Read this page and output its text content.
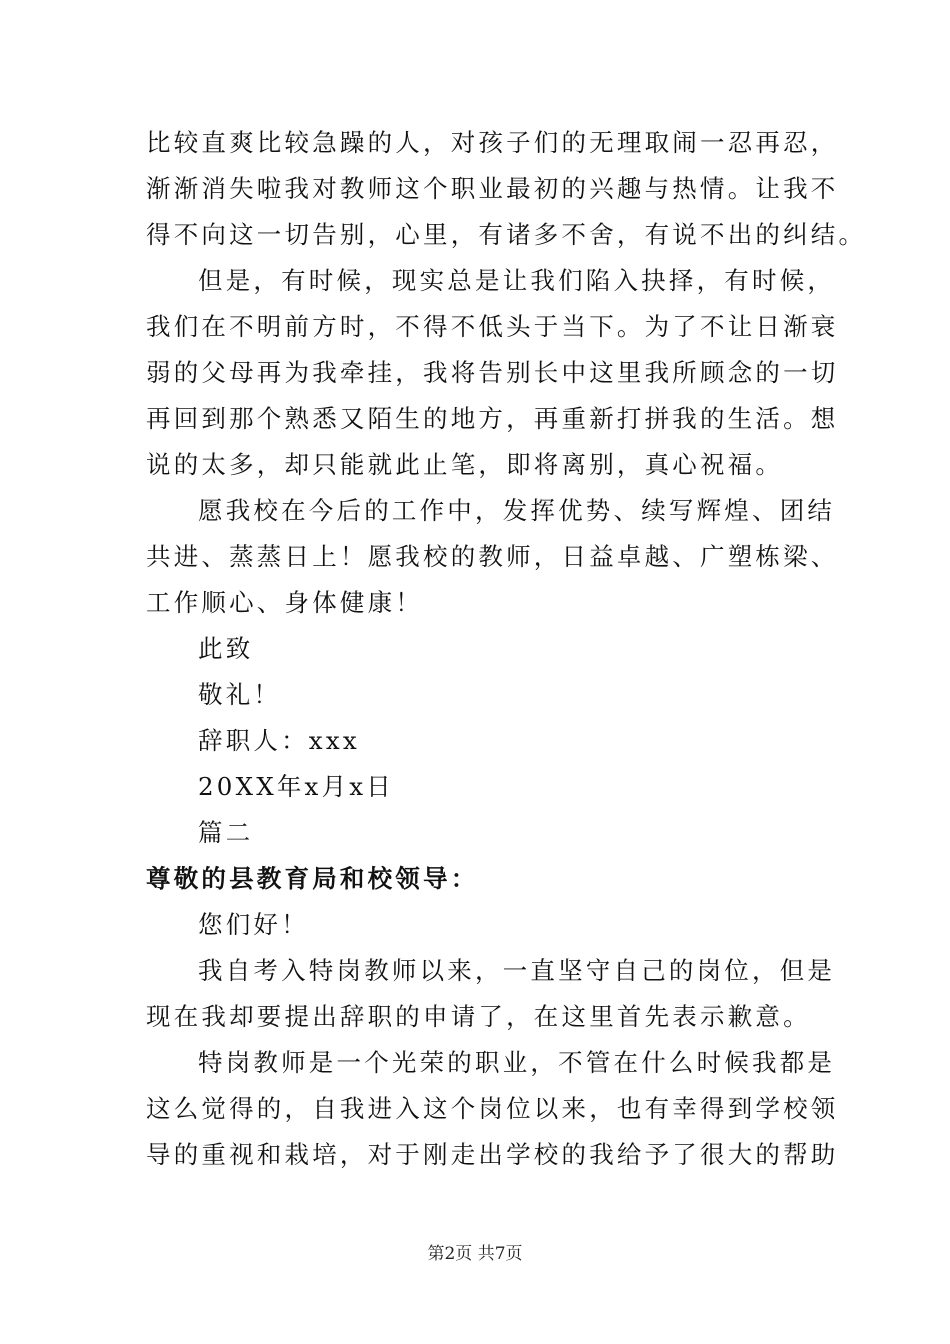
比较直爽比较急躁的人，对孩子们的无理取闹一忍再忍，
渐渐消失啦我对教师这个职业最初的兴趣与热情。让我不
得不向这一切告别，心里，有诸多不舍，有说不出的纠结。
但是，有时候，现实总是让我们陷入抉择，有时候，
我们在不明前方时，不得不低头于当下。为了不让日渐衰
弱的父母再为我牵挂，我将告别长中这里我所顾念的一切
再回到那个熟悉又陌生的地方，再重新打拼我的生活。想
说的太多，却只能就此止笔，即将离别，真心祝福。
愿我校在今后的工作中，发挥优势、续写辉煌、团结
共进、蒸蒸日上！愿我校的教师，日益卓越、广塑栋梁、
工作顺心、身体健康！
此致
敬礼！
辞职人：xxx
20XX年x月x日
篇二
尊敬的县教育局和校领导：
您们好！
我自考入特岗教师以来，一直坚守自己的岗位，但是
现在我却要提出辞职的申请了，在这里首先表示歉意。
特岗教师是一个光荣的职业，不管在什么时候我都是
这么觉得的，自我进入这个岗位以来，也有幸得到学校领
导的重视和栽培，对于刚走出学校的我给予了很大的帮助
第2页 共7页
